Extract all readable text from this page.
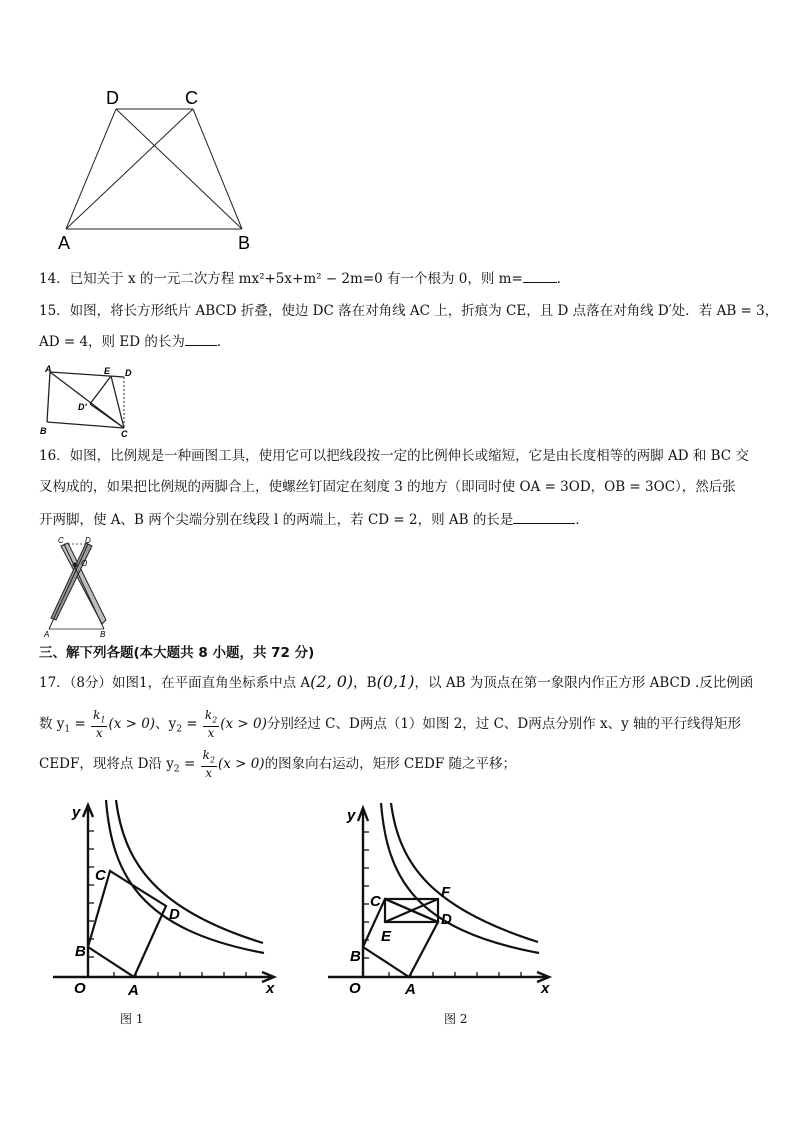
D	C
A	B
14．已知关于 x 的一元二次方程 mx²+5x+m² − 2m=0 有一个根为 0，则 m=	．
15．如图，将长方形纸片 ABCD 折叠，使边 DC 落在对角线 AC 上，折痕为 CE，且 D 点落在对角线 D′处．若 AB = 3，
AD = 4，则 ED 的长为 ．
A	E D
D'
B	C
16．如图，比例规是一种画图工具，使用它可以把线段按一定的比例伸长或缩短，它是由长度相等的两脚 AD 和 BC 交
叉构成的，如果把比例规的两脚合上，使螺丝钉固定在刻度 3 的地方（即同时使 OA = 3OD，OB = 3OC），然后张
开两脚，使 A、B 两个尖端分别在线段 l 的两端上，若 CD = 2，则 AB 的长是	．
C	D
O
A	B
三、解下列各题(本大题共 8 小题，共 72 分)
17．（8分）如图1，在平面直角坐标系中点 A(2, 0)，B(0,1)，以 AB 为顶点在第一象限内作正方形 ABCD .反比例函
数 $y_1 = \frac{k_1}{x} (x > 0)$、$y_2 = \frac{k_2}{x} (x > 0)$分别经过 C、D两点（1）如图 2，过 C、D两点分别作 x、y 轴的平行线得矩形
CEDF，现将点 D沿 $y_2 = \frac{k_2}{x} (x > 0)$的图象向右运动，矩形 CEDF 随之平移；
y
x
O	A
B
C
D
图 1
y
x
O	A
B
C
D
E
F
图 2
